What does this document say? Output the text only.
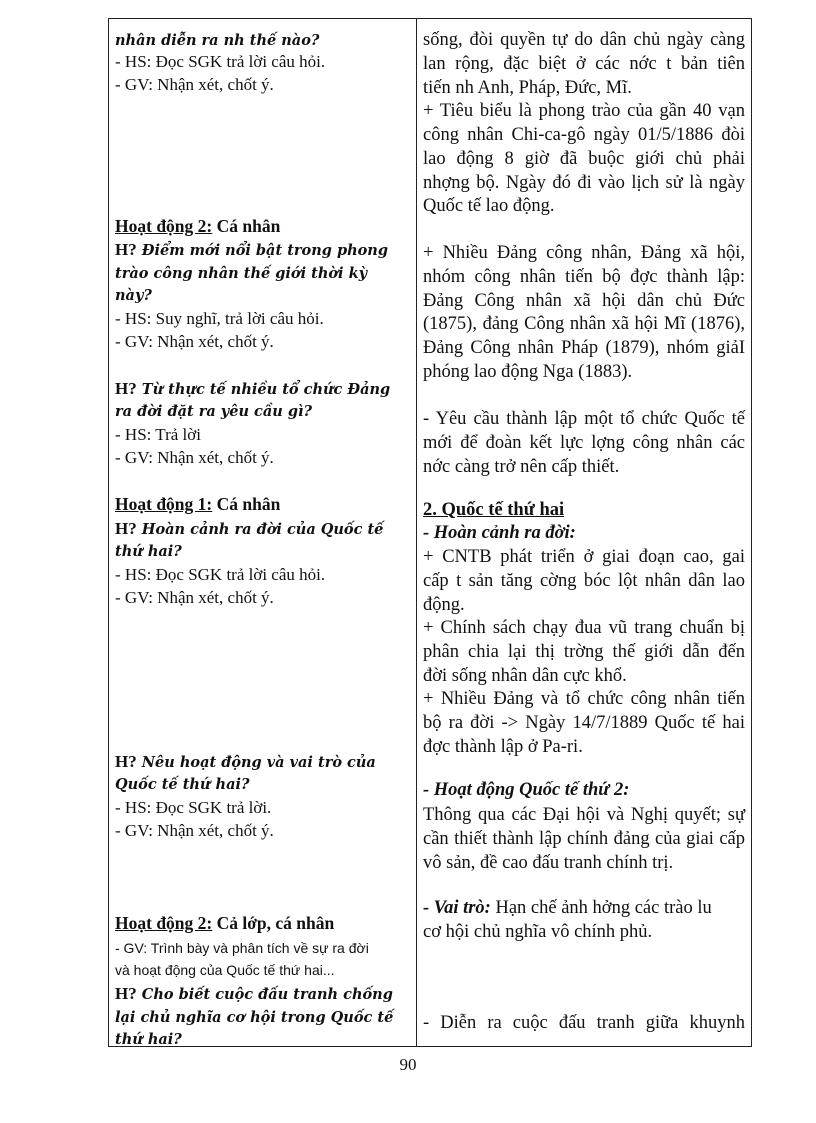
nhân diễn ra nh thế nào?
- HS: Đọc SGK trả lời câu hỏi.
- GV: Nhận xét, chốt ý.
Hoạt động 2: Cá nhân
H? Điểm mới nổi bật trong phong
trào công nhân thế giới thời kỳ
này?
- HS: Suy nghĩ, trả lời câu hỏi.
- GV: Nhận xét, chốt ý.
H? Từ thực tế nhiều tổ chức Đảng
ra đời đặt ra yêu cầu gì?
- HS: Trả lời
- GV: Nhận xét, chốt ý.
Hoạt động 1: Cá nhân
H? Hoàn cảnh ra đời của Quốc tế
thứ hai?
- HS: Đọc SGK trả lời câu hỏi.
- GV: Nhận xét, chốt ý.
H? Nêu hoạt động và vai trò của
Quốc tế thứ hai?
- HS: Đọc SGK trả lời.
- GV: Nhận xét, chốt ý.
Hoạt động 2: Cả lớp, cá nhân
- GV: Trình bày và phân tích về sự ra đời
và hoạt động của Quốc tế thứ hai...
H? Cho biết cuộc đấu tranh chống
lại chủ nghĩa cơ hội trong Quốc tế
thứ hai?
sống, đòi quyền tự do dân chủ ngày càng
lan rộng, đặc biệt ở các nớc t bản tiên
tiến nh Anh, Pháp, Đức, Mĩ.
+ Tiêu biểu là phong trào của gần 40 vạn
công nhân Chi-ca-gô ngày 01/5/1886 đòi
lao động 8 giờ đã buộc giới chủ phải
nhợng bộ. Ngày đó đi vào lịch sử là ngày
Quốc tế lao động.
+ Nhiều Đảng công nhân, Đảng xã hội,
nhóm công nhân tiến bộ đợc thành lập:
Đảng Công nhân xã hội dân chủ Đức
(1875), đảng Công nhân xã hội Mĩ (1876),
Đảng Công nhân Pháp (1879), nhóm giảI
phóng lao động Nga (1883).
- Yêu cầu thành lập một tổ chức Quốc tế
mới để đoàn kết lực lợng công nhân các
nớc càng trở nên cấp thiết.
2. Quốc tế thứ hai
- Hoàn cảnh ra đời:
+ CNTB phát triển ở giai đoạn cao, gai
cấp t sản tăng cờng bóc lột nhân dân lao
động.
+ Chính sách chạy đua vũ trang chuẩn bị
phân chia lại thị trờng thế giới dẫn đến
đời sống nhân dân cực khổ.
+ Nhiều Đảng và tổ chức công nhân tiến
bộ ra đời -> Ngày 14/7/1889 Quốc tế hai
đợc thành lập ở Pa-ri.
- Hoạt động Quốc tế thứ 2:
Thông qua các Đại hội và Nghị quyết; sự
cần thiết thành lập chính đảng của giai cấp
vô sản, đề cao đấu tranh chính trị.
- Vai trò: Hạn chế ảnh hởng các trào lu
cơ hội chủ nghĩa vô chính phủ.
- Diễn ra cuộc đấu tranh giữa khuynh
90
